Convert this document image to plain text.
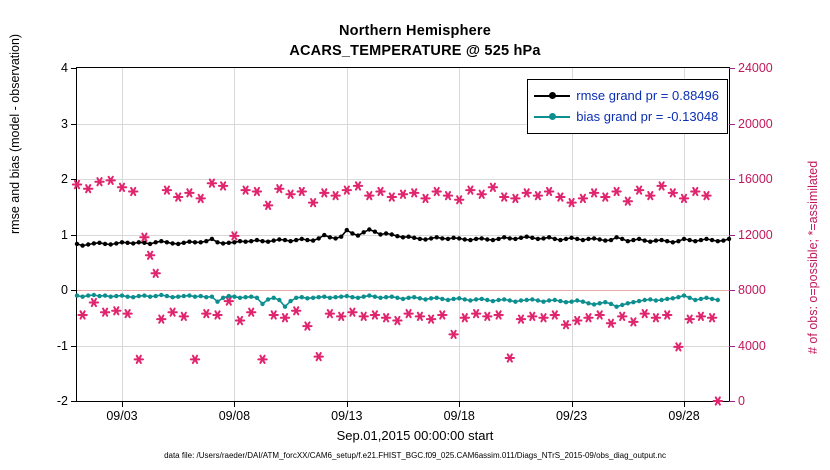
Northern Hemisphere
ACARS_TEMPERATURE @ 525 hPa
rmse and bias (model - observation)
# of obs: o=possible; *=assimilated
Sep.01,2015 00:00:00 start
data file: /Users/raeder/DAI/ATM_forcXX/CAM6_setup/f.e21.FHIST_BGC.f09_025.CAM6assim.011/Diags_NTrS_2015-09/obs_diag_output.nc
-2	0
-1	4000
0	8000
1	12000
2	16000
3	20000
4	24000
09/03	09/08	09/13	09/18	09/23	09/28
rmse grand pr = 0.88496
bias grand pr = -0.13048
